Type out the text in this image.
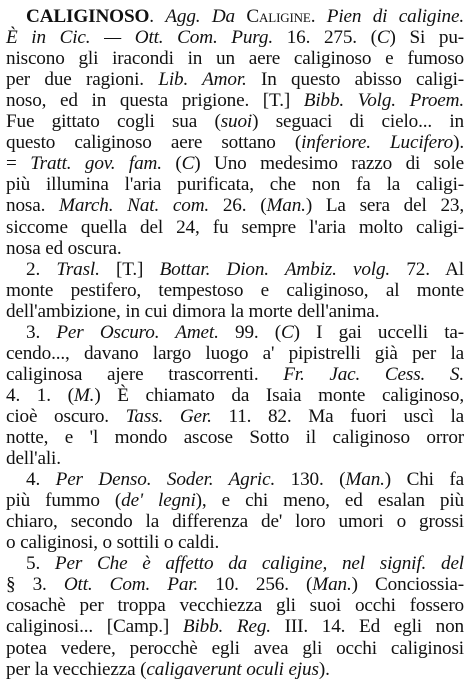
CALIGINOSO. Agg. Da Caligine. Pien di caligine.
È in Cic. — Ott. Com. Purg. 16. 275. (C) Si pu-
niscono gli iracondi in un aere caliginoso e fumoso
per due ragioni. Lib. Amor. In questo abisso caligi-
noso, ed in questa prigione. [T.] Bibb. Volg. Proem.
Fue gittato cogli sua (suoi) seguaci di cielo... in
questo caliginoso aere sottano (inferiore. Lucifero).
= Tratt. gov. fam. (C) Uno medesimo razzo di sole
più illumina l'aria purificata, che non fa la caligi-
nosa. March. Nat. com. 26. (Man.) La sera del 23,
siccome quella del 24, fu sempre l'aria molto caligi-
nosa ed oscura.
2. Trasl. [T.] Bottar. Dion. Ambiz. volg. 72. Al
monte pestifero, tempestoso e caliginoso, al monte
dell'ambizione, in cui dimora la morte dell'anima.
3. Per Oscuro. Amet. 99. (C) I gai uccelli ta-
cendo..., davano largo luogo a' pipistrelli già per la
caliginosa ajere trascorrenti. Fr. Jac. Cess. S.
4. 1. (M.) È chiamato da Isaia monte caliginoso,
cioè oscuro. Tass. Ger. 11. 82. Ma fuori uscì la
notte, e 'l mondo ascose Sotto il caliginoso orror
dell'ali.
4. Per Denso. Soder. Agric. 130. (Man.) Chi fa
più fummo (de' legni), e chi meno, ed esalan più
chiaro, secondo la differenza de' loro umori o grossi
o caliginosi, o sottili o caldi.
5. Per Che è affetto da caligine, nel signif. del
§ 3. Ott. Com. Par. 10. 256. (Man.) Conciossia-
cosachè per troppa vecchiezza gli suoi occhi fossero
caliginosi... [Camp.] Bibb. Reg. III. 14. Ed egli non
potea vedere, perocchè egli avea gli occhi caliginosi
per la vecchiezza (caligaverunt oculi ejus).
